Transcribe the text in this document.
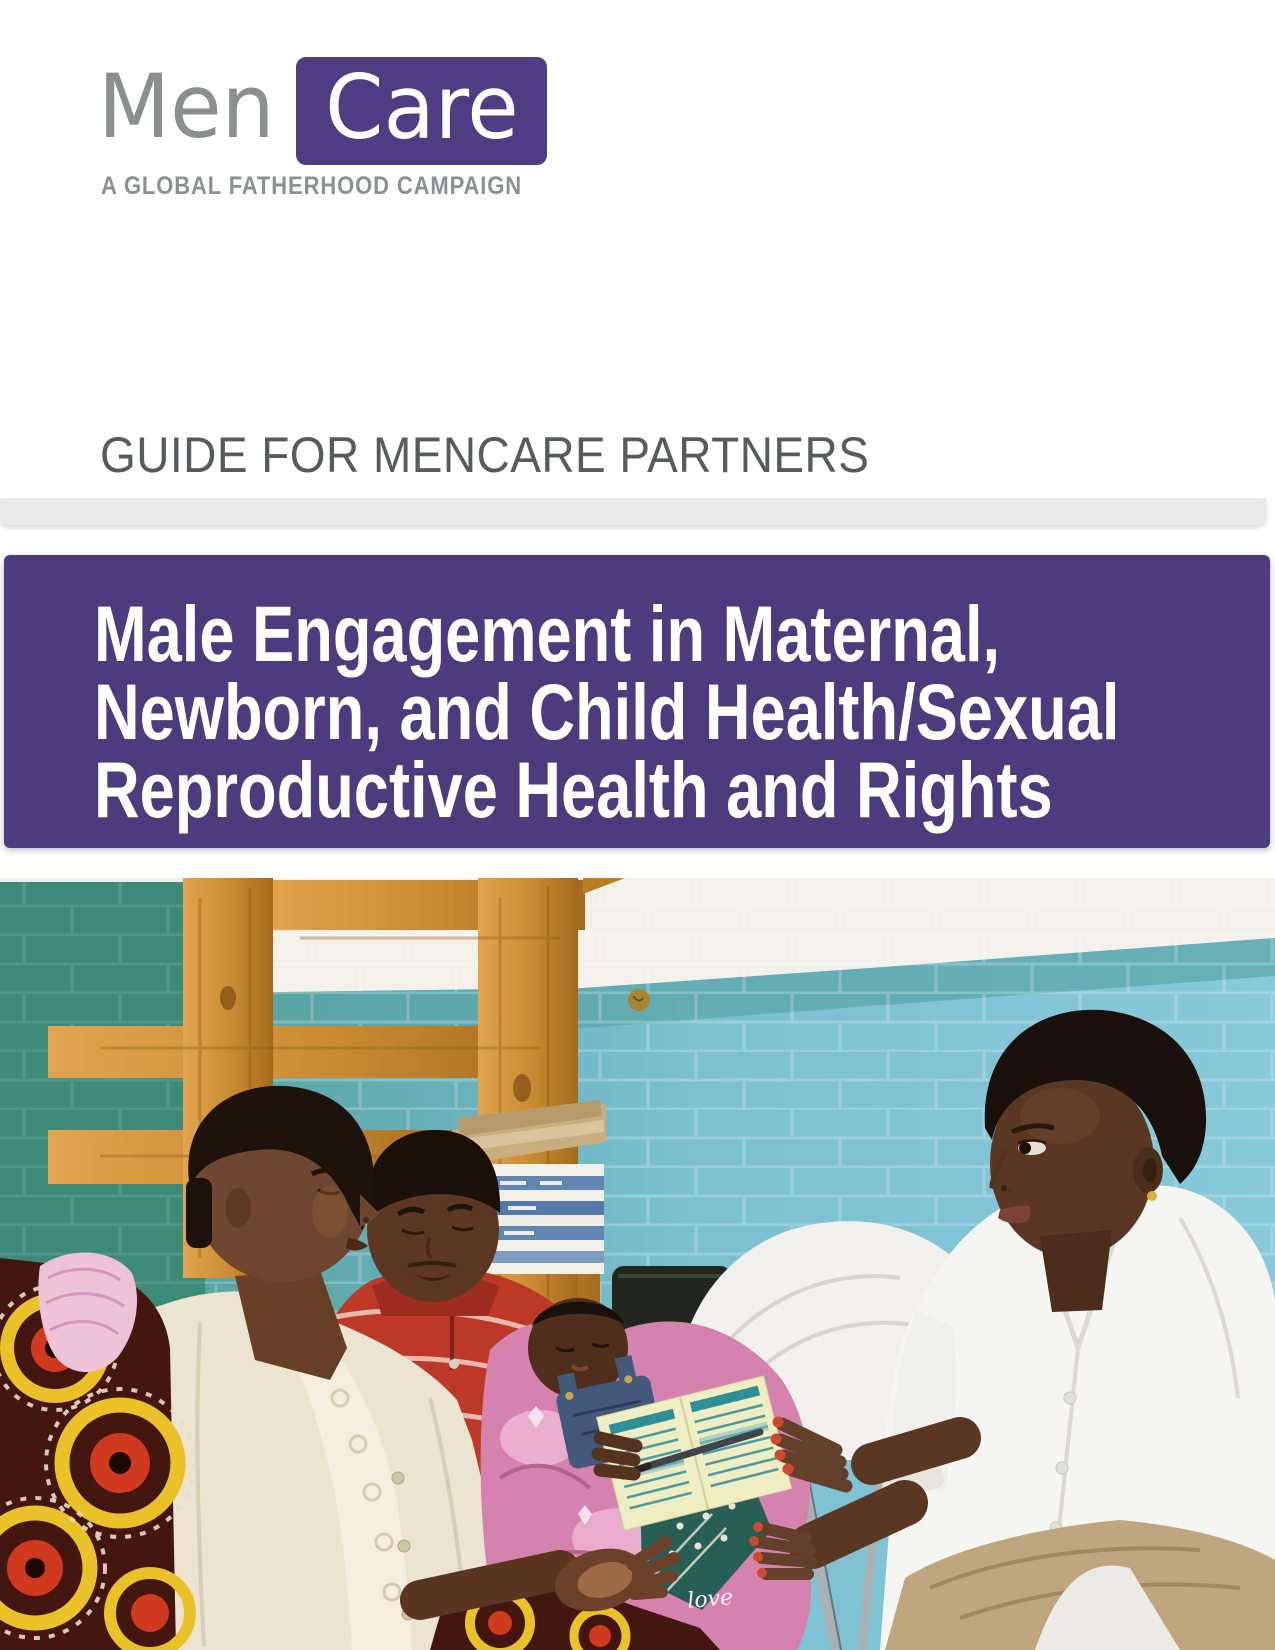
Men Care
A GLOBAL FATHERHOOD CAMPAIGN
GUIDE FOR MENCARE PARTNERS
Male Engagement in Maternal,
Newborn, and Child Health/Sexual
Reproductive Health and Rights
love
